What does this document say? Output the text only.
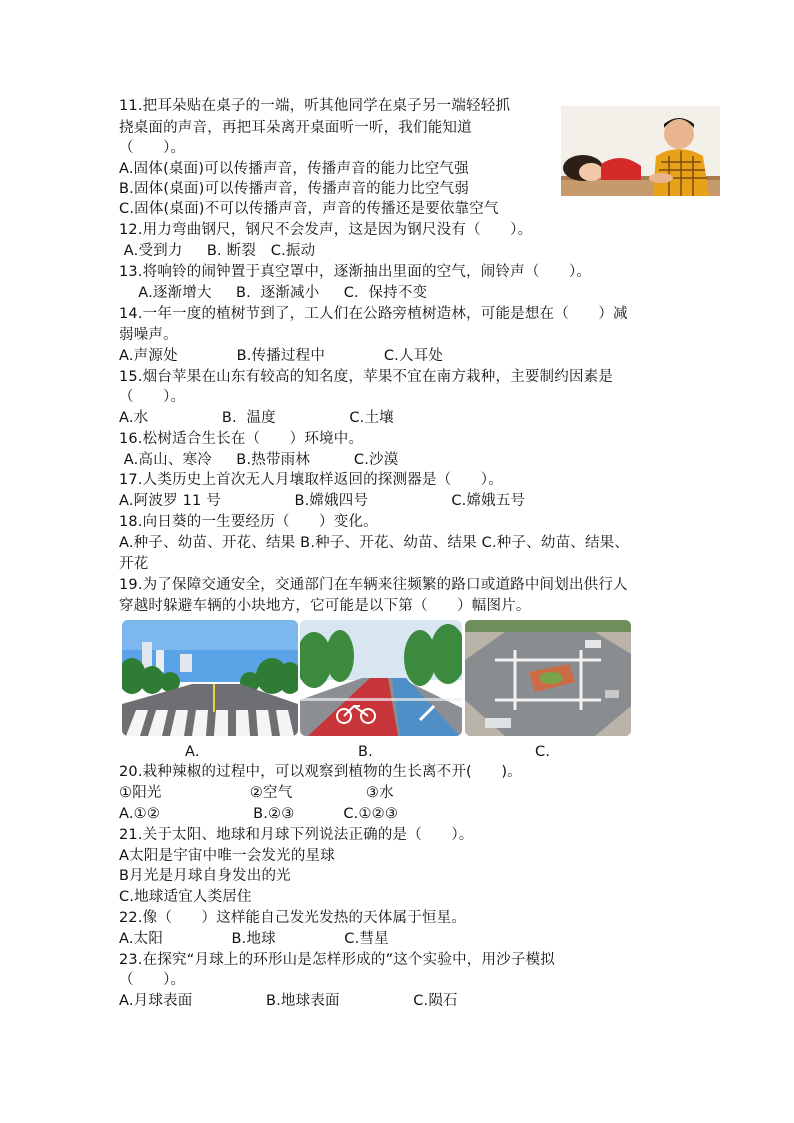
11.把耳朵贴在桌子的一端，听其他同学在桌子另一端轻轻抓
挠桌面的声音，再把耳朵离开桌面听一听，我们能知道
（　　）。
A.固体(桌面)可以传播声音，传播声音的能力比空气强
B.固体(桌面)可以传播声音，传播声音的能力比空气弱
C.固体(桌面)不可以传播声音，声音的传播还是要依靠空气
12.用力弯曲钢尺，钢尺不会发声，这是因为钢尺没有（　　）。
A.受到力　  B. 断裂　C.振动
13.将响铃的闹钟置于真空罩中，逐渐抽出里面的空气，闹铃声（　　）。
A.逐渐增大　  B.  逐渐减小　  C.  保持不变
14.一年一度的植树节到了，工人们在公路旁植树造林，可能是想在（　　）减
弱噪声。
A.声源处　　　　B.传播过程中　　　　C.人耳处
15.烟台苹果在山东有较高的知名度，苹果不宜在南方栽种，主要制约因素是
（　　）。
A.水　　　　　B.  温度　　　　　C.土壤
16.松树适合生长在（　　）环境中。
A.高山、寒冷　  B.热带雨林　　   C.沙漠
17.人类历史上首次无人月壤取样返回的探测器是（　　）。
A.阿波罗 11 号　　　　　B.嫦娥四号　　　　　  C.嫦娥五号
18.向日葵的一生要经历（　　）变化。
A.种子、幼苗、开花、结果 B.种子、开花、幼苗、结果 C.种子、幼苗、结果、
开花
19.为了保障交通安全，交通部门在车辆来往频繁的路口或道路中间划出供行人
穿越时躲避车辆的小块地方，它可能是以下第（　　）幅图片。
A.	B.	C.
20.栽种辣椒的过程中，可以观察到植物的生长离不开(　　)。
①阳光　　　　　　②空气　　　　　③水
A.①②　　　　　　 B.②③　　　 C.①②③
21.关于太阳、地球和月球下列说法正确的是（　　）。
A太阳是宇宙中唯一会发光的星球
B月光是月球自身发出的光
C.地球适宜人类居住
22.像（　　）这样能自己发光发热的天体属于恒星。
A.太阳　　　　  B.地球　　　　  C.彗星
23.在探究“月球上的环形山是怎样形成的”这个实验中，用沙子模拟
（　　）。
A.月球表面　　　　　B.地球表面　　　　　C.陨石
